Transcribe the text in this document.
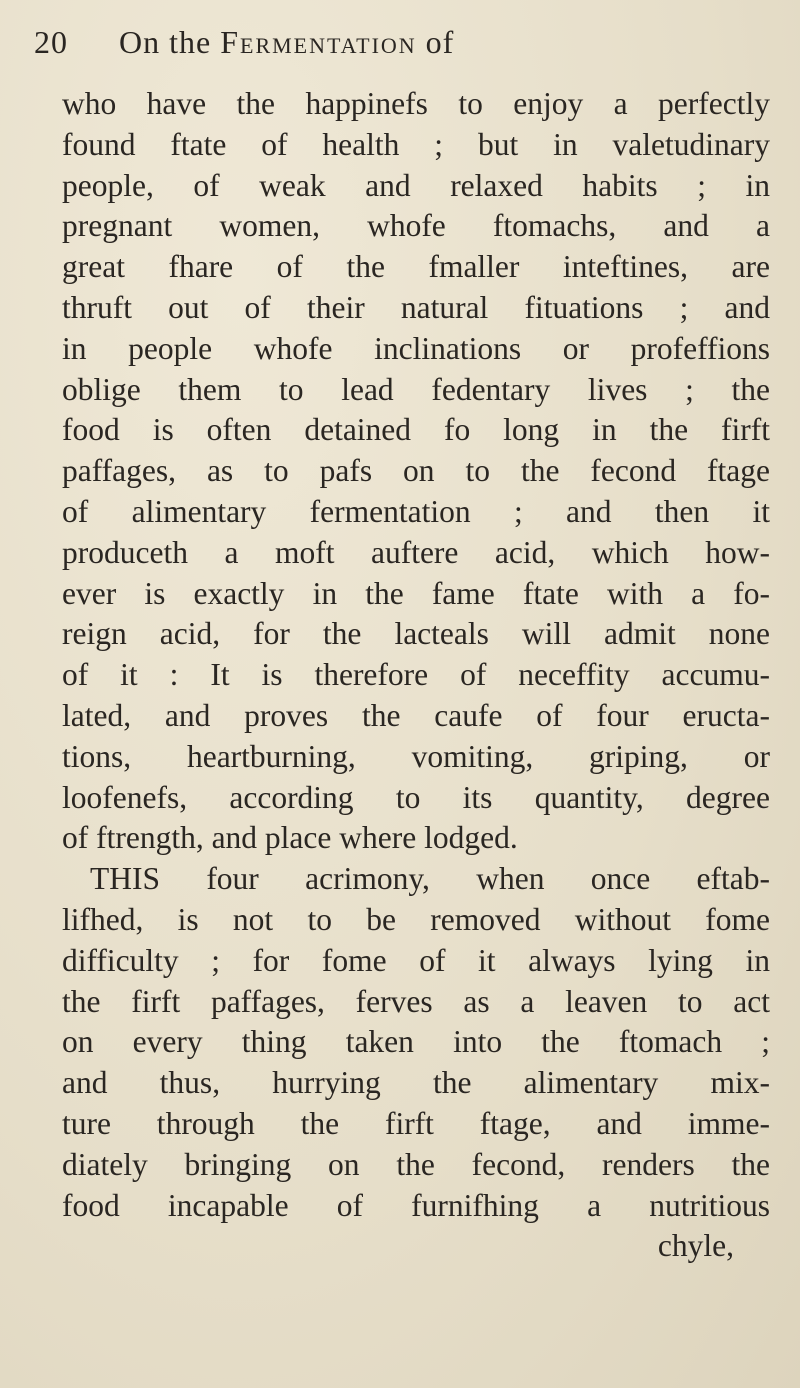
20 On the Fermentation of
who have the happinefs to enjoy a perfectly
found ftate of health ; but in valetudinary
people, of weak and relaxed habits ; in
pregnant women, whofe ftomachs, and a
great fhare of the fmaller inteftines, are
thruft out of their natural fituations ; and
in people whofe inclinations or profeffions
oblige them to lead fedentary lives ; the
food is often detained fo long in the firft
paffages, as to pafs on to the fecond ftage
of alimentary fermentation ; and then it
produceth a moft auftere acid, which how-
ever is exactly in the fame ftate with a fo-
reign acid, for the lacteals will admit none
of it : It is therefore of neceffity accumu-
lated, and proves the caufe of four eructa-
tions, heartburning, vomiting, griping, or
loofenefs, according to its quantity, degree
of ftrength, and place where lodged.
THIS four acrimony, when once eftab-
lifhed, is not to be removed without fome
difficulty ; for fome of it always lying in
the firft paffages, ferves as a leaven to act
on every thing taken into the ftomach ;
and thus, hurrying the alimentary mix-
ture through the firft ftage, and imme-
diately bringing on the fecond, renders the
food incapable of furnifhing a nutritious
chyle,
